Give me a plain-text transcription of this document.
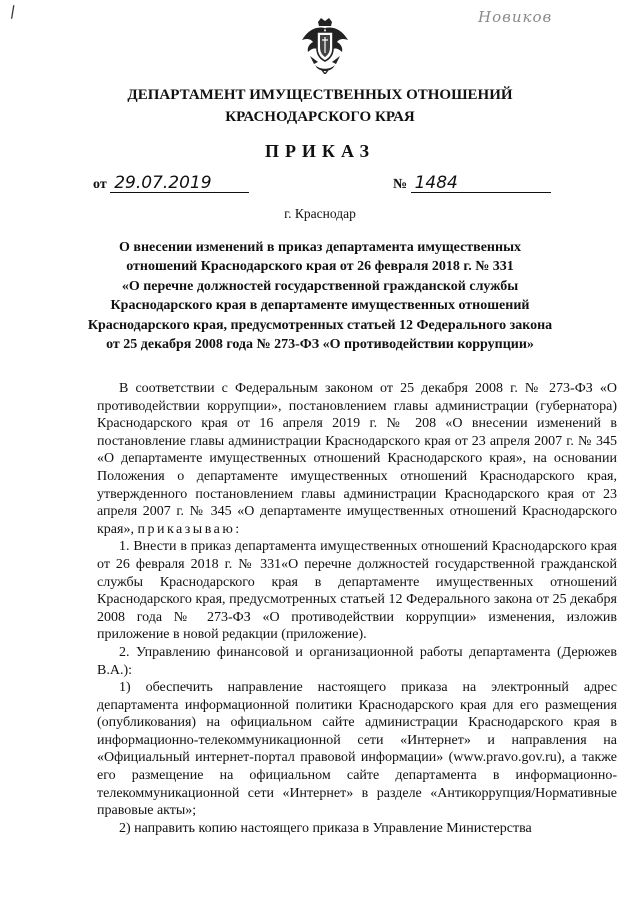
/	Новиков
ДЕПАРТАМЕНТ ИМУЩЕСТВЕННЫХ ОТНОШЕНИЙ
КРАСНОДАРСКОГО КРАЯ
ПРИКАЗ
от 29.07.2019	№ 1484
г. Краснодар
О внесении изменений в приказ департамента имущественных
отношений Краснодарского края от 26 февраля 2018 г. № 331
«О перечне должностей государственной гражданской службы
Краснодарского края в департаменте имущественных отношений
Краснодарского края, предусмотренных статьей 12 Федерального закона
от 25 декабря 2008 года № 273-ФЗ «О противодействии коррупции»

В соответствии с Федеральным законом от 25 декабря 2008 г. № 273-ФЗ «О противодействии коррупции», постановлением главы администрации (губернатора) Краснодарского края от 16 апреля 2019 г. № 208 «О внесении изменений в постановление главы администрации Краснодарского края от 23 апреля 2007 г. № 345 «О департаменте имущественных отношений Краснодарского края», на основании Положения о департаменте имущественных отношений Краснодарского края, утвержденного постановлением главы администрации Краснодарского края от 23 апреля 2007 г. № 345 «О департаменте имущественных отношений Краснодарского края», приказываю:

1. Внести в приказ департамента имущественных отношений Краснодарского края от 26 февраля 2018 г. № 331«О перечне должностей государственной гражданской службы Краснодарского края в департаменте имущественных отношений Краснодарского края, предусмотренных статьей 12 Федерального закона от 25 декабря 2008 года № 273-ФЗ «О противодействии коррупции» изменения, изложив приложение в новой редакции (приложение).

2. Управлению финансовой и организационной работы департамента (Дерюжев В.А.):

1) обеспечить направление настоящего приказа на электронный адрес департамента информационной политики Краснодарского края для его размещения (опубликования) на официальном сайте администрации Краснодарского края в информационно-телекоммуникационной сети «Интернет» и направления на «Официальный интернет-портал правовой информации» (www.pravo.gov.ru), а также его размещение на официальном сайте департамента в информационно-телекоммуникационной сети «Интернет» в разделе «Антикоррупция/Нормативные правовые акты»;

2) направить копию настоящего приказа в Управление Министерства
